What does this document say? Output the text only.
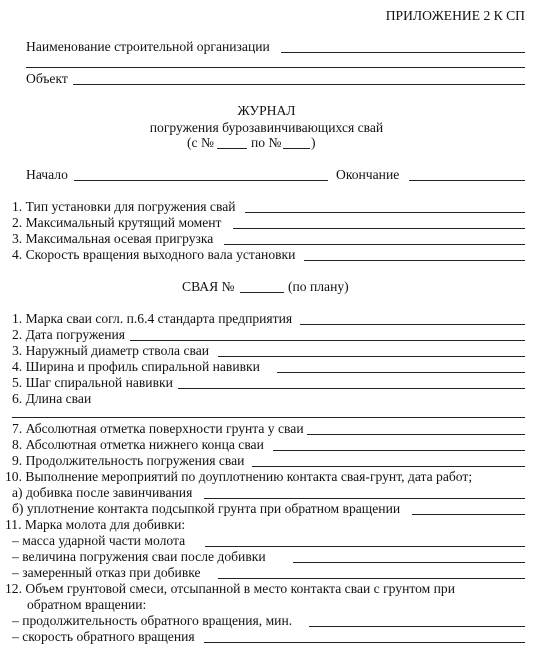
ПРИЛОЖЕНИЕ 2 К СП
Наименование строительной организации
Объект
ЖУРНАЛ
погружения бурозавинчивающихся свай
(с №	по № )
Начало	Окончание
1. Тип установки для погружения свай
2. Максимальный крутящий момент
3. Максимальная осевая пригрузка
4. Скорость вращения выходного вала установки
СВАЯ №	(по плану)
1. Марка сваи согл. п.6.4 стандарта предприятия
2. Дата погружения
3. Наружный диаметр ствола сваи
4. Ширина и профиль спиральной навивки
5. Шаг спиральной навивки
6. Длина сваи
7. Абсолютная отметка поверхности грунта у сваи
8. Абсолютная отметка нижнего конца сваи
9. Продолжительность погружения сваи
10. Выполнение мероприятий по доуплотнению контакта свая-грунт, дата работ;
а) добивка после завинчивания
б) уплотнение контакта подсыпкой грунта при обратном вращении
11. Марка молота для добивки:
– масса ударной части молота
– величина погружения сваи после добивки
– замеренный отказ при добивке
12. Объем грунтовой смеси, отсыпанной в место контакта сваи с грунтом при
обратном вращении:
– продолжительность обратного вращения, мин.
– скорость обратного вращения
